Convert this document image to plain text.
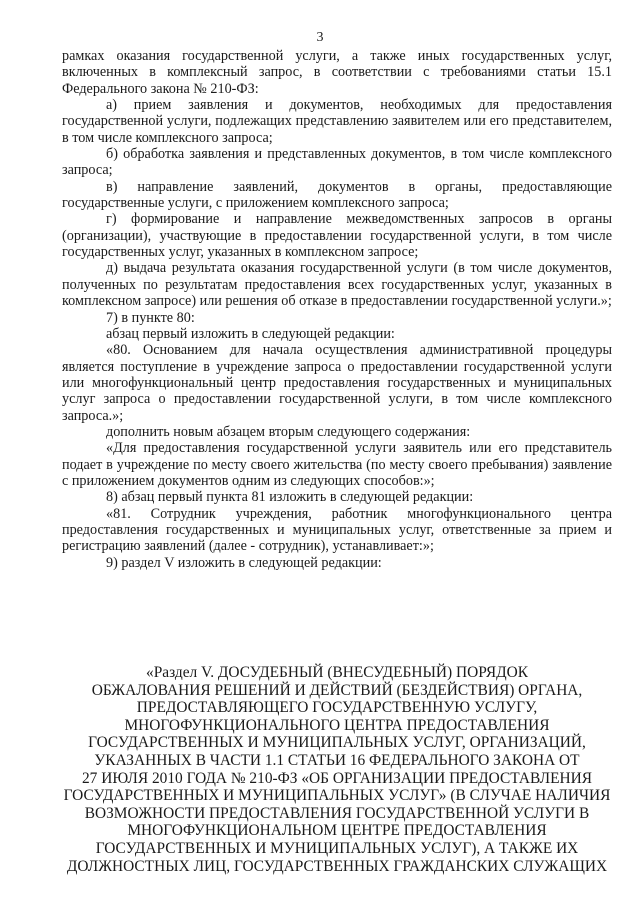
3

рамках оказания государственной услуги, а также иных государственных услуг, включенных в комплексный запрос, в соответствии с требованиями статьи 15.1 Федерального закона № 210-ФЗ:

а) прием заявления и документов, необходимых для предоставления государственной услуги, подлежащих представлению заявителем или его представителем, в том числе комплексного запроса;

б) обработка заявления и представленных документов, в том числе комплексного запроса;

в) направление заявлений, документов в органы, предоставляющие государственные услуги, с приложением комплексного запроса;

г) формирование и направление межведомственных запросов в органы (организации), участвующие в предоставлении государственной услуги, в том числе государственных услуг, указанных в комплексном запросе;

д) выдача результата оказания государственной услуги (в том числе документов, полученных по результатам предоставления всех государственных услуг, указанных в комплексном запросе) или решения об отказе в предоставлении государственной услуги.»;

7) в пункте 80:

абзац первый изложить в следующей редакции:

«80. Основанием для начала осуществления административной процедуры является поступление в учреждение запроса о предоставлении государственной услуги или многофункциональный центр предоставления государственных и муниципальных услуг запроса о предоставлении государственной услуги, в том числе комплексного запроса.»;

дополнить новым абзацем вторым следующего содержания:

«Для предоставления государственной услуги заявитель или его представитель подает в учреждение по месту своего жительства (по месту своего пребывания) заявление с приложением документов одним из следующих способов:»;

8) абзац первый пункта 81 изложить в следующей редакции:

«81. Сотрудник учреждения, работник многофункционального центра предоставления государственных и муниципальных услуг, ответственные за прием и регистрацию заявлений (далее - сотрудник), устанавливает:»;

9) раздел V изложить в следующей редакции:

«Раздел V. ДОСУДЕБНЫЙ (ВНЕСУДЕБНЫЙ) ПОРЯДОК
ОБЖАЛОВАНИЯ РЕШЕНИЙ И ДЕЙСТВИЙ (БЕЗДЕЙСТВИЯ) ОРГАНА,
ПРЕДОСТАВЛЯЮЩЕГО ГОСУДАРСТВЕННУЮ УСЛУГУ,
МНОГОФУНКЦИОНАЛЬНОГО ЦЕНТРА ПРЕДОСТАВЛЕНИЯ
ГОСУДАРСТВЕННЫХ И МУНИЦИПАЛЬНЫХ УСЛУГ, ОРГАНИЗАЦИЙ,
УКАЗАННЫХ В ЧАСТИ 1.1 СТАТЬИ 16 ФЕДЕРАЛЬНОГО ЗАКОНА ОТ
27 ИЮЛЯ 2010 ГОДА № 210-ФЗ «ОБ ОРГАНИЗАЦИИ ПРЕДОСТАВЛЕНИЯ
ГОСУДАРСТВЕННЫХ И МУНИЦИПАЛЬНЫХ УСЛУГ» (В СЛУЧАЕ НАЛИЧИЯ
ВОЗМОЖНОСТИ ПРЕДОСТАВЛЕНИЯ ГОСУДАРСТВЕННОЙ УСЛУГИ В
МНОГОФУНКЦИОНАЛЬНОМ ЦЕНТРЕ ПРЕДОСТАВЛЕНИЯ
ГОСУДАРСТВЕННЫХ И МУНИЦИПАЛЬНЫХ УСЛУГ), А ТАКЖЕ ИХ
ДОЛЖНОСТНЫХ ЛИЦ, ГОСУДАРСТВЕННЫХ ГРАЖДАНСКИХ СЛУЖАЩИХ
